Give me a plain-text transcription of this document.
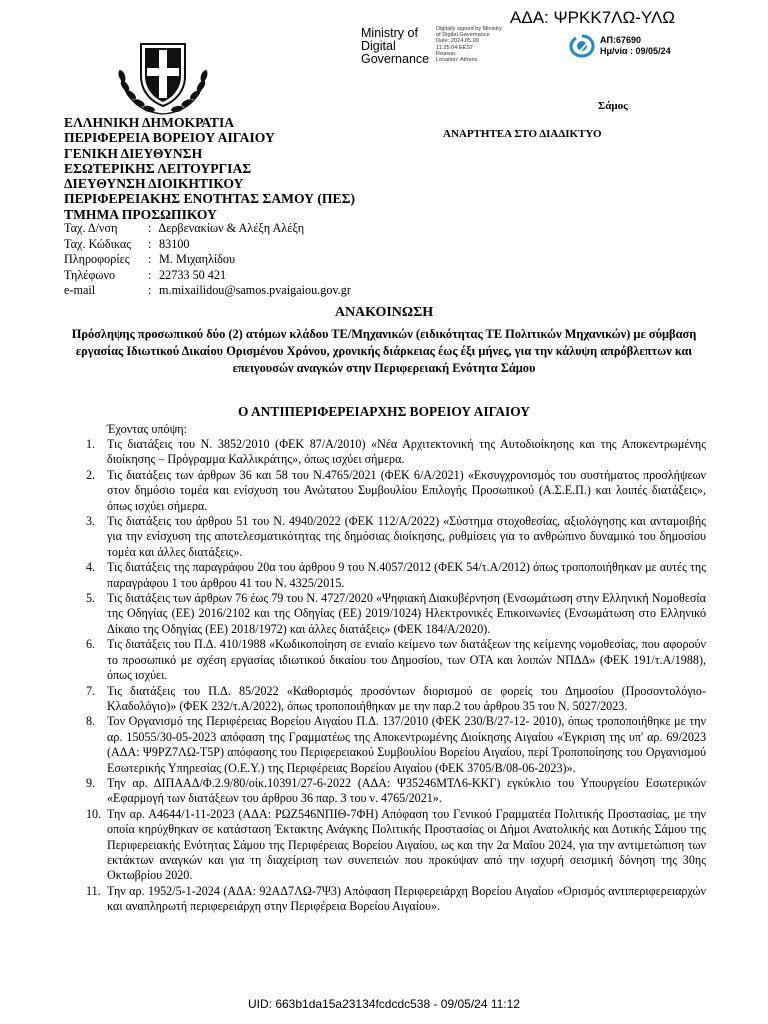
ΑΔΑ: ΨΡΚΚ7ΛΩ-ΥΛΩ
Ministry of
Digital
Governance
Digitally signed by Ministry
of Digital Governance
Date: 2024.05.09
11:25:04 EEST
Reason:
Location: Athens
ΑΠ:67690
Ημ/νία : 09/05/24
Σάμος
ΕΛΛΗΝΙΚΗ ΔΗΜΟΚΡΑΤΙΑ
ΠΕΡΙΦΕΡΕΙΑ ΒΟΡΕΙΟΥ ΑΙΓΑΙΟΥ
ΓΕΝΙΚΗ ΔΙΕΥΘΥΝΣΗ
ΕΣΩΤΕΡΙΚΗΣ ΛΕΙΤΟΥΡΓΙΑΣ
ΔΙΕΥΘΥΝΣΗ ΔΙΟΙΚΗΤΙΚΟΥ
ΠΕΡΙΦΕΡΕΙΑΚΗΣ ΕΝΟΤΗΤΑΣ ΣΑΜΟΥ (ΠΕΣ)
ΤΜΗΜΑ ΠΡΟΣΩΠΙΚΟΥ
ΑΝΑΡΤΗΤΕΑ ΣΤΟ ΔΙΑΔΙΚΤΥΟ
Ταχ. Δ/νση	: Δερβενακίων & Αλέξη Αλέξη
Ταχ. Κώδικας : 83100
Πληροφορίες : Μ. Μιχαηλίδου
Τηλέφωνο	: 22733 50 421
e-mail	: m.mixailidou@samos.pvaigaiou.gov.gr
ΑΝΑΚΟΙΝΩΣΗ
Πρόσληψης προσωπικού δύο (2) ατόμων κλάδου ΤΕ/Μηχανικών (ειδικότητας ΤΕ Πολιτικών Μηχανικών) με σύμβαση εργασίας Ιδιωτικού Δικαίου Ορισμένου Χρόνου, χρονικής διάρκειας έως έξι μήνες, για την κάλυψη απρόβλεπτων και επειγουσών αναγκών στην Περιφερειακή Ενότητα Σάμου
Ο ΑΝΤΙΠΕΡΙΦΕΡΕΙΑΡΧΗΣ ΒΟΡΕΙΟΥ ΑΙΓΑΙΟΥ
Έχοντας υπόψη:
1. Τις διατάξεις του Ν. 3852/2010 (ΦΕΚ 87/Α/2010) «Νέα Αρχιτεκτονική της Αυτοδιοίκησης και της Αποκεντρωμένης διοίκησης – Πρόγραμμα Καλλικράτης», όπως ισχύει σήμερα.
2. Τις διατάξεις των άρθρων 36 και 58 του Ν.4765/2021 (ΦΕΚ 6/Α/2021) «Εκσυγχρονισμός του συστήματος προσλήψεων στον δημόσιο τομέα και ενίσχυση του Ανώτατου Συμβουλίου Επιλογής Προσωπικού (Α.Σ.Ε.Π.) και λοιπές διατάξεις», όπως ισχύει σήμερα.
3. Τις διατάξεις του άρθρου 51 του Ν. 4940/2022 (ΦΕΚ 112/Α/2022) «Σύστημα στοχοθεσίας, αξιολόγησης και ανταμοιβής για την ενίσχυση της αποτελεσματικότητας της δημόσιας διοίκησης, ρυθμίσεις για το ανθρώπινο δυναμικό του δημοσίου τομέα και άλλες διατάξεις».
4. Τις διατάξεις της παραγράφου 20α του άρθρου 9 του Ν.4057/2012 (ΦΕΚ 54/τ.Α/2012) όπως τροποποιήθηκαν με αυτές της παραγράφου 1 του άρθρου 41 του Ν. 4325/2015.
5. Τις διατάξεις των άρθρων 76 έως 79 του Ν. 4727/2020 «Ψηφιακή Διακυβέρνηση (Ενσωμάτωση στην Ελληνική Νομοθεσία της Οδηγίας (ΕΕ) 2016/2102 και της Οδηγίας (ΕΕ) 2019/1024) Ηλεκτρονικές Επικοινωνίες (Ενσωμάτωση στο Ελληνικό Δίκαιο της Οδηγίας (ΕΕ) 2018/1972) και άλλες διατάξεις» (ΦΕΚ 184/Α/2020).
6. Τις διατάξεις του Π.Δ. 410/1988 «Κωδικοποίηση σε ενιαίο κείμενο των διατάξεων της κείμενης νομοθεσίας, που αφορούν το προσωπικό με σχέση εργασίας ιδιωτικού δικαίου του Δημοσίου, των ΟΤΑ και λοιπών ΝΠΔΔ» (ΦΕΚ 191/τ.Α/1988), όπως ισχύει.
7. Τις διατάξεις του Π.Δ. 85/2022 «Καθορισμός προσόντων διορισμού σε φορείς του Δημοσίου (Προσοντολόγιο-Κλαδολόγιο)» (ΦΕΚ 232/τ.Α/2022), όπως τροποποιήθηκαν με την παρ.2 του άρθρου 35 του Ν. 5027/2023.
8. Τον Οργανισμό της Περιφέρειας Βορείου Αιγαίου Π.Δ. 137/2010 (ΦΕΚ 230/Β/27-12- 2010), όπως τροποποιήθηκε με την αρ. 15055/30-05-2023 απόφαση της Γραμματέως της Αποκεντρωμένης Διοίκησης Αιγαίου «Έγκριση της υπ' αρ. 69/2023 (ΑΔΑ: Ψ9ΡΖ7ΛΩ-Τ5Ρ) απόφασης του Περιφερειακού Συμβουλίου Βορείου Αιγαίου, περί Τροποποίησης του Οργανισμού Εσωτερικής Υπηρεσίας (Ο.Ε.Υ.) της Περιφέρειας Βορείου Αιγαίου (ΦΕΚ 3705/Β/08-06-2023)».
9. Την αρ. ΔΙΠΑΑΔ/Φ.2.9/80/οίκ.10391/27-6-2022 (ΑΔΑ: Ψ35246ΜΤΛ6-ΚΚΓ) εγκύκλιο του Υπουργείου Εσωτερικών «Εφαρμογή των διατάξεων του άρθρου 36 παρ. 3 του ν. 4765/2021».
10. Την αρ. Α4644/1-11-2023 (ΑΔΑ: ΡΩΖ546ΝΠΙΘ-7ΦΗ) Απόφαση του Γενικού Γραμματέα Πολιτικής Προστασίας, με την οποία κηρύχθηκαν σε κατάσταση Έκτακτης Ανάγκης Πολιτικής Προστασίας οι Δήμοι Ανατολικής και Δυτικής Σάμου της Περιφερειακής Ενότητας Σάμου της Περιφέρειας Βορείου Αιγαίου, ως και την 2α Μαΐου 2024, για την αντιμετώπιση των εκτάκτων αναγκών και για τη διαχείριση των συνεπειών που προκύψαν από την ισχυρή σεισμική δόνηση της 30ης Οκτωβρίου 2020.
11. Την αρ. 1952/5-1-2024 (ΑΔΑ: 92ΑΔ7ΛΩ-7Ψ3) Απόφαση Περιφερειάρχη Βορείου Αιγαίου «Ορισμός αντιπεριφερειαρχών και αναπληρωτή περιφερειάρχη στην Περιφέρεια Βορείου Αιγαίου».
UID: 663b1da15a23134fcdcdc538 - 09/05/24 11:12
